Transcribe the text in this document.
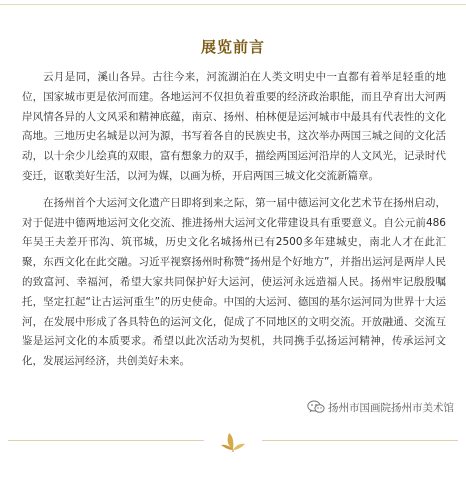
展览前言

云月是同，溪山各异。古往今来，河流湖泊在人类文明史中一直都有着举足轻重的地位，国家城市更是依河而建。各地运河不仅担负着重要的经济政治职能，而且孕育出大河两岸风情各异的人文风采和精神底蕴，南京、扬州、柏林便是运河城市中最具有代表性的文化高地。三地历史名城是以河为源，书写着各自的民族史书，这次举办两国三城之间的文化活动，以十余少儿绘真的双眼，富有想象力的双手，描绘两国运河沿岸的人文风光，记录时代变迁，讴歌美好生活，以河为媒，以画为桥，开启两国三城文化交流新篇章。

在扬州首个大运河文化遗产日即将到来之际，第一届中德运河文化艺术节在扬州启动，对于促进中德两地运河文化交流、推进扬州大运河文化带建设具有重要意义。自公元前486年吴王夫差开邗沟、筑邗城，历史文化名城扬州已有2500多年建城史，南北人才在此汇聚，东西文化在此交融。习近平视察扬州时称赞“扬州是个好地方”，并指出运河是两岸人民的致富河、幸福河，希望大家共同保护好大运河，使运河永远造福人民。扬州牢记殷殷嘱托，坚定扛起“让古运河重生”的历史使命。中国的大运河、德国的基尔运河同为世界十大运河，在发展中形成了各具特色的运河文化，促成了不同地区的文明交流。开放融通、交流互鉴是运河文化的本质要求。希望以此次活动为契机，共同携手弘扬运河精神，传承运河文化，发展运河经济，共创美好未来。

扬州市国画院扬州市美术馆
